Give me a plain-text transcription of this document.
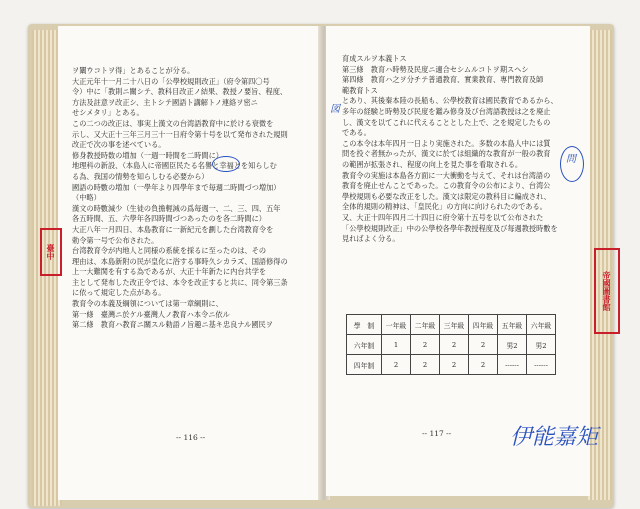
ヲ闡ウコトヲ得」とあることが分る。
大正元年十一月二十八日の「公學校規則改正」（府令第四〇号
令）中に「教則ニ關シテ、教科目改正ノ結果、教授ノ要旨、程度、
方法及註意ヲ改正シ、主トシテ國語ト講解トノ連絡ヲ密ニ
せシメタリ」とある。
この二つの改正は、事実上漢文の台湾語教育中に於ける衰微を
示し、又大正十三年三月三十一日府令第十号を以て発布された規則
改正で次の事を述べている。
修身教授時数の増加（一週一時間を二時間に）
地理科の新設、（本島人に帝國臣民たる名譽と幸福とを知らしむ
る為、我国の情勢を知らしむる必要から）
國語の時數の増加（一學年より四學年まで毎週二時間づつ増加）
（中略）
漢文の時數減少（生徒の負擔輕減の爲毎週一、二、三、四、五年
各五時間、五、六學年各四時間づつあったのを各二時間に）
大正八年一月四日、本島教育に一新紀元を劃した台湾教育令を
勅令第一号で公布された。
台湾教育令が内地人と同様の系統を採るに至ったのは、その
理由は、本島新附の民が皇化に浴する事時久シカラズ、国語修得の
上一大難関を有する為であるが、大正十年新たに内台共学を
主として発布した改正令では、本令を改正すると共に、同令第三条
に依って規定した点がある。
教育令の本義及綱領については第一章綱則に、
第一條　臺灣ニ於ケル臺灣人ノ教育ハ本令ニ依ル
第二條　教育ハ教育ニ關スル勅語ノ旨趣ニ基キ忠良ナル國民ヲ
-- 116 --
育成スルヲ本義トス
第三條　教育ハ時勢及民度ニ適合セシムルコトヲ期スヘシ
第四條　教育ハ之ヲ分チテ普通教育、實業教育、專門教育及師
範教育トス
とあり、其後秦本陸の長船も、公學校教育は國民教育であるから、
多年の経験と時勢及び民度を鑑み修身及び台湾語教授は之を廃止
し、漢文を以てこれに代えることとした上で、之を規定したもの
である。
この本令は本年四月一日より実施された。多数の本島人中には質
問を投ぐ者無かったが、漢文に於ては組織的な教育が一般の教育
の範囲が拡張され、程度の向上を見た事を看取される。
教育令の実施は本島各方面に一大衝動を与えて、それは台湾語の
教育を廃止せんことであった。この教育令の公布により、台湾公
學校規則も必要な改正をした。漢文は限定の教科目に編成され、
全体的規則の精神は、「皇民化」の方向に向けられたのである。
又、大正十四年四月二十四日に府令第十五号を以て公布された
「公學校規則改正」中の公學校各學年教授程度及び每週教授時數を
見ればよく分る。
學　制	一年級	二年級	三年級	四年級	五年級	六年級
六年制	1	2	2	2	男2	男2
四年制	2	2	2	2	------	------
-- 117 --
臺中
帝國圖書館
伊能嘉矩
図
問
